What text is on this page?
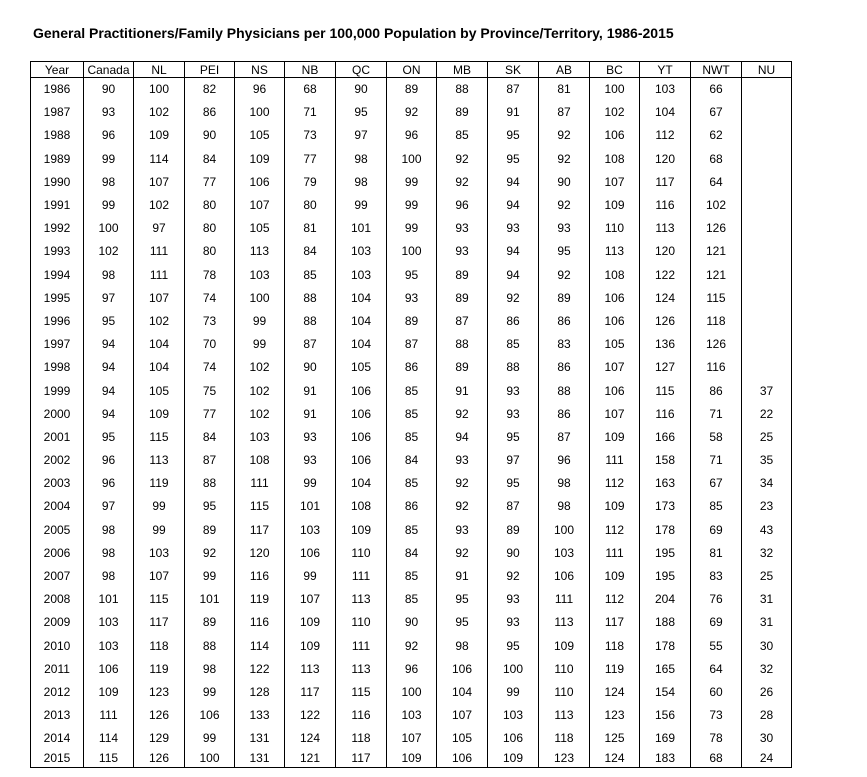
General Practitioners/Family Physicians per 100,000 Population by Province/Territory, 1986-2015
Year	Canada	NL	PEI	NS	NB	QC	ON	MB	SK	AB	BC	YT	NWT	NU
1986	90	100	82	96	68	90	89	88	87	81	100	103	66	
1987	93	102	86	100	71	95	92	89	91	87	102	104	67	
1988	96	109	90	105	73	97	96	85	95	92	106	112	62	
1989	99	114	84	109	77	98	100	92	95	92	108	120	68	
1990	98	107	77	106	79	98	99	92	94	90	107	117	64	
1991	99	102	80	107	80	99	99	96	94	92	109	116	102	
1992	100	97	80	105	81	101	99	93	93	93	110	113	126	
1993	102	111	80	113	84	103	100	93	94	95	113	120	121	
1994	98	111	78	103	85	103	95	89	94	92	108	122	121	
1995	97	107	74	100	88	104	93	89	92	89	106	124	115	
1996	95	102	73	99	88	104	89	87	86	86	106	126	118	
1997	94	104	70	99	87	104	87	88	85	83	105	136	126	
1998	94	104	74	102	90	105	86	89	88	86	107	127	116	
1999	94	105	75	102	91	106	85	91	93	88	106	115	86	37
2000	94	109	77	102	91	106	85	92	93	86	107	116	71	22
2001	95	115	84	103	93	106	85	94	95	87	109	166	58	25
2002	96	113	87	108	93	106	84	93	97	96	111	158	71	35
2003	96	119	88	111	99	104	85	92	95	98	112	163	67	34
2004	97	99	95	115	101	108	86	92	87	98	109	173	85	23
2005	98	99	89	117	103	109	85	93	89	100	112	178	69	43
2006	98	103	92	120	106	110	84	92	90	103	111	195	81	32
2007	98	107	99	116	99	111	85	91	92	106	109	195	83	25
2008	101	115	101	119	107	113	85	95	93	111	112	204	76	31
2009	103	117	89	116	109	110	90	95	93	113	117	188	69	31
2010	103	118	88	114	109	111	92	98	95	109	118	178	55	30
2011	106	119	98	122	113	113	96	106	100	110	119	165	64	32
2012	109	123	99	128	117	115	100	104	99	110	124	154	60	26
2013	111	126	106	133	122	116	103	107	103	113	123	156	73	28
2014	114	129	99	131	124	118	107	105	106	118	125	169	78	30
2015	115	126	100	131	121	117	109	106	109	123	124	183	68	24
